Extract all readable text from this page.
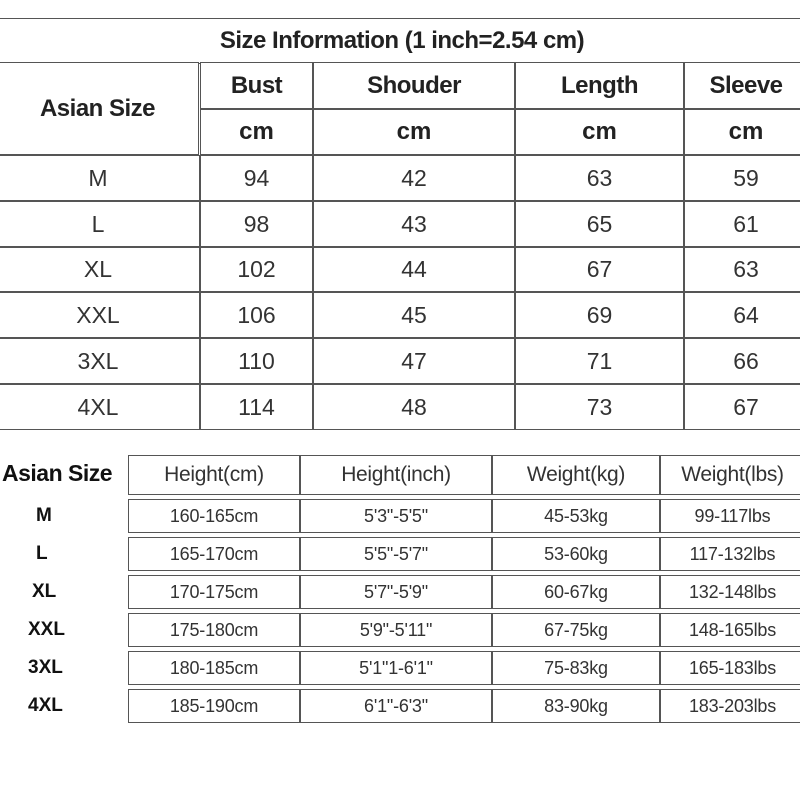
Size Information (1 inch=2.54 cm)
Asian Size
Bust	Shouder	Length	Sleeve
cm	cm	cm	cm
M	94	42	63	59
L	98	43	65	61
XL	102	44	67	63
XXL	106	45	69	64
3XL	110	47	71	66
4XL	114	48	73	67
Asian Size	Height(cm)	Height(inch)	Weight(kg)	Weight(lbs)
M	160-165cm	5'3"-5'5"	45-53kg	99-117lbs
L	165-170cm	5'5"-5'7"	53-60kg	117-132lbs
XL	170-175cm	5'7"-5'9"	60-67kg	132-148lbs
XXL	175-180cm	5'9"-5'11"	67-75kg	148-165lbs
3XL	180-185cm	5'1"1-6'1"	75-83kg	165-183lbs
4XL	185-190cm	6'1"-6'3"	83-90kg	183-203lbs
